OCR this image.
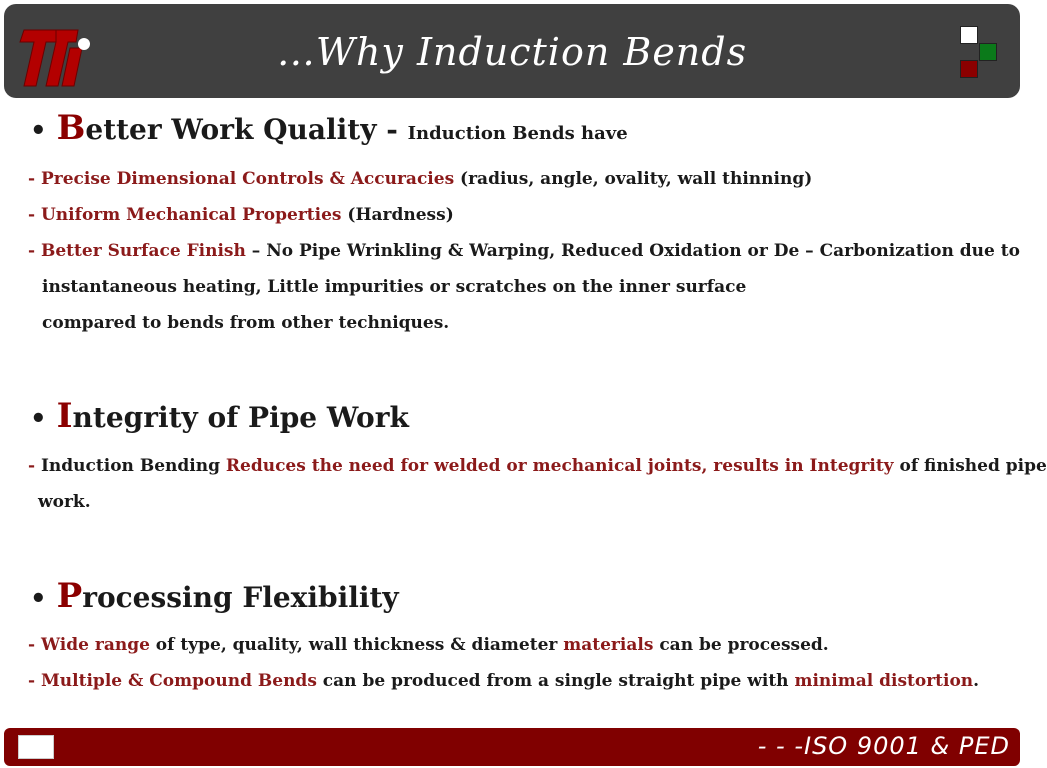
…Why Induction Bends
• Better Work Quality - Induction Bends have
- Precise Dimensional Controls & Accuracies (radius, angle, ovality, wall thinning)
- Uniform Mechanical Properties (Hardness)
- Better Surface Finish – No Pipe Wrinkling & Warping, Reduced Oxidation or De – Carbonization due to
instantaneous heating, Little impurities or scratches on the inner surface
compared to bends from other techniques.
• Integrity of Pipe Work
- Induction Bending Reduces the need for welded or mechanical joints, results in Integrity of finished pipe
work.
• Processing Flexibility
- Wide range of type, quality, wall thickness & diameter materials can be processed.
- Multiple & Compound Bends can be produced from a single straight pipe with minimal distortion.
- - -ISO 9001 & PED
